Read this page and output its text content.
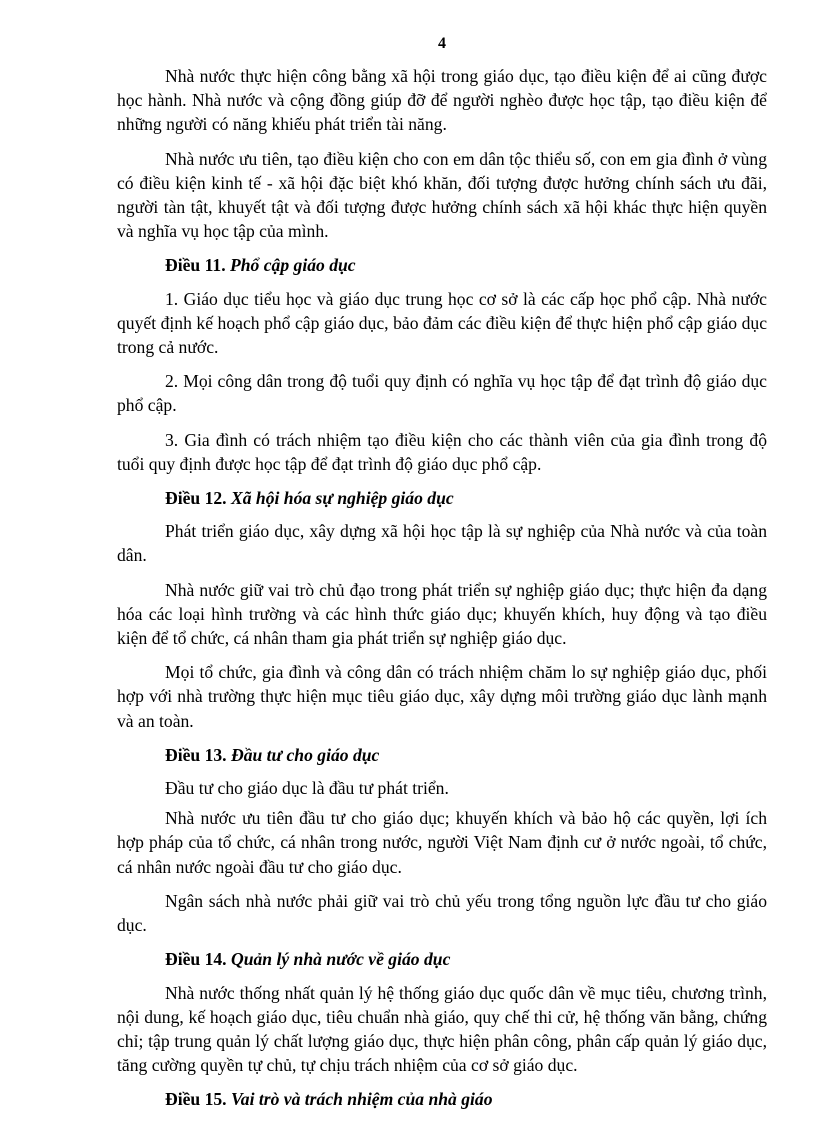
4

Nhà nước thực hiện công bằng xã hội trong giáo dục, tạo điều kiện để ai cũng được học hành. Nhà nước và cộng đồng giúp đỡ để người nghèo được học tập, tạo điều kiện để những người có năng khiếu phát triển tài năng.

Nhà nước ưu tiên, tạo điều kiện cho con em dân tộc thiểu số, con em gia đình ở vùng có điều kiện kinh tế - xã hội đặc biệt khó khăn, đối tượng được hưởng chính sách ưu đãi, người tàn tật, khuyết tật và đối tượng được hưởng chính sách xã hội khác thực hiện quyền và nghĩa vụ học tập của mình.

Điều 11. Phổ cập giáo dục

1. Giáo dục tiểu học và giáo dục trung học cơ sở là các cấp học phổ cập. Nhà nước quyết định kế hoạch phổ cập giáo dục, bảo đảm các điều kiện để thực hiện phổ cập giáo dục trong cả nước.

2. Mọi công dân trong độ tuổi quy định có nghĩa vụ học tập để đạt trình độ giáo dục phổ cập.

3. Gia đình có trách nhiệm tạo điều kiện cho các thành viên của gia đình trong độ tuổi quy định được học tập để đạt trình độ giáo dục phổ cập.

Điều 12. Xã hội hóa sự nghiệp giáo dục

Phát triển giáo dục, xây dựng xã hội học tập là sự nghiệp của Nhà nước và của toàn dân.

Nhà nước giữ vai trò chủ đạo trong phát triển sự nghiệp giáo dục; thực hiện đa dạng hóa các loại hình trường và các hình thức giáo dục; khuyến khích, huy động và tạo điều kiện để tổ chức, cá nhân tham gia phát triển sự nghiệp giáo dục.

Mọi tổ chức, gia đình và công dân có trách nhiệm chăm lo sự nghiệp giáo dục, phối hợp với nhà trường thực hiện mục tiêu giáo dục, xây dựng môi trường giáo dục lành mạnh và an toàn.

Điều 13. Đầu tư cho giáo dục

Đầu tư cho giáo dục là đầu tư phát triển.

Nhà nước ưu tiên đầu tư cho giáo dục; khuyến khích và bảo hộ các quyền, lợi ích hợp pháp của tổ chức, cá nhân trong nước, người Việt Nam định cư ở nước ngoài, tổ chức, cá nhân nước ngoài đầu tư cho giáo dục.

Ngân sách nhà nước phải giữ vai trò chủ yếu trong tổng nguồn lực đầu tư cho giáo dục.

Điều 14. Quản lý nhà nước về giáo dục

Nhà nước thống nhất quản lý hệ thống giáo dục quốc dân về mục tiêu, chương trình, nội dung, kế hoạch giáo dục, tiêu chuẩn nhà giáo, quy chế thi cử, hệ thống văn bằng, chứng chỉ; tập trung quản lý chất lượng giáo dục, thực hiện phân công, phân cấp quản lý giáo dục, tăng cường quyền tự chủ, tự chịu trách nhiệm của cơ sở giáo dục.

Điều 15. Vai trò và trách nhiệm của nhà giáo
